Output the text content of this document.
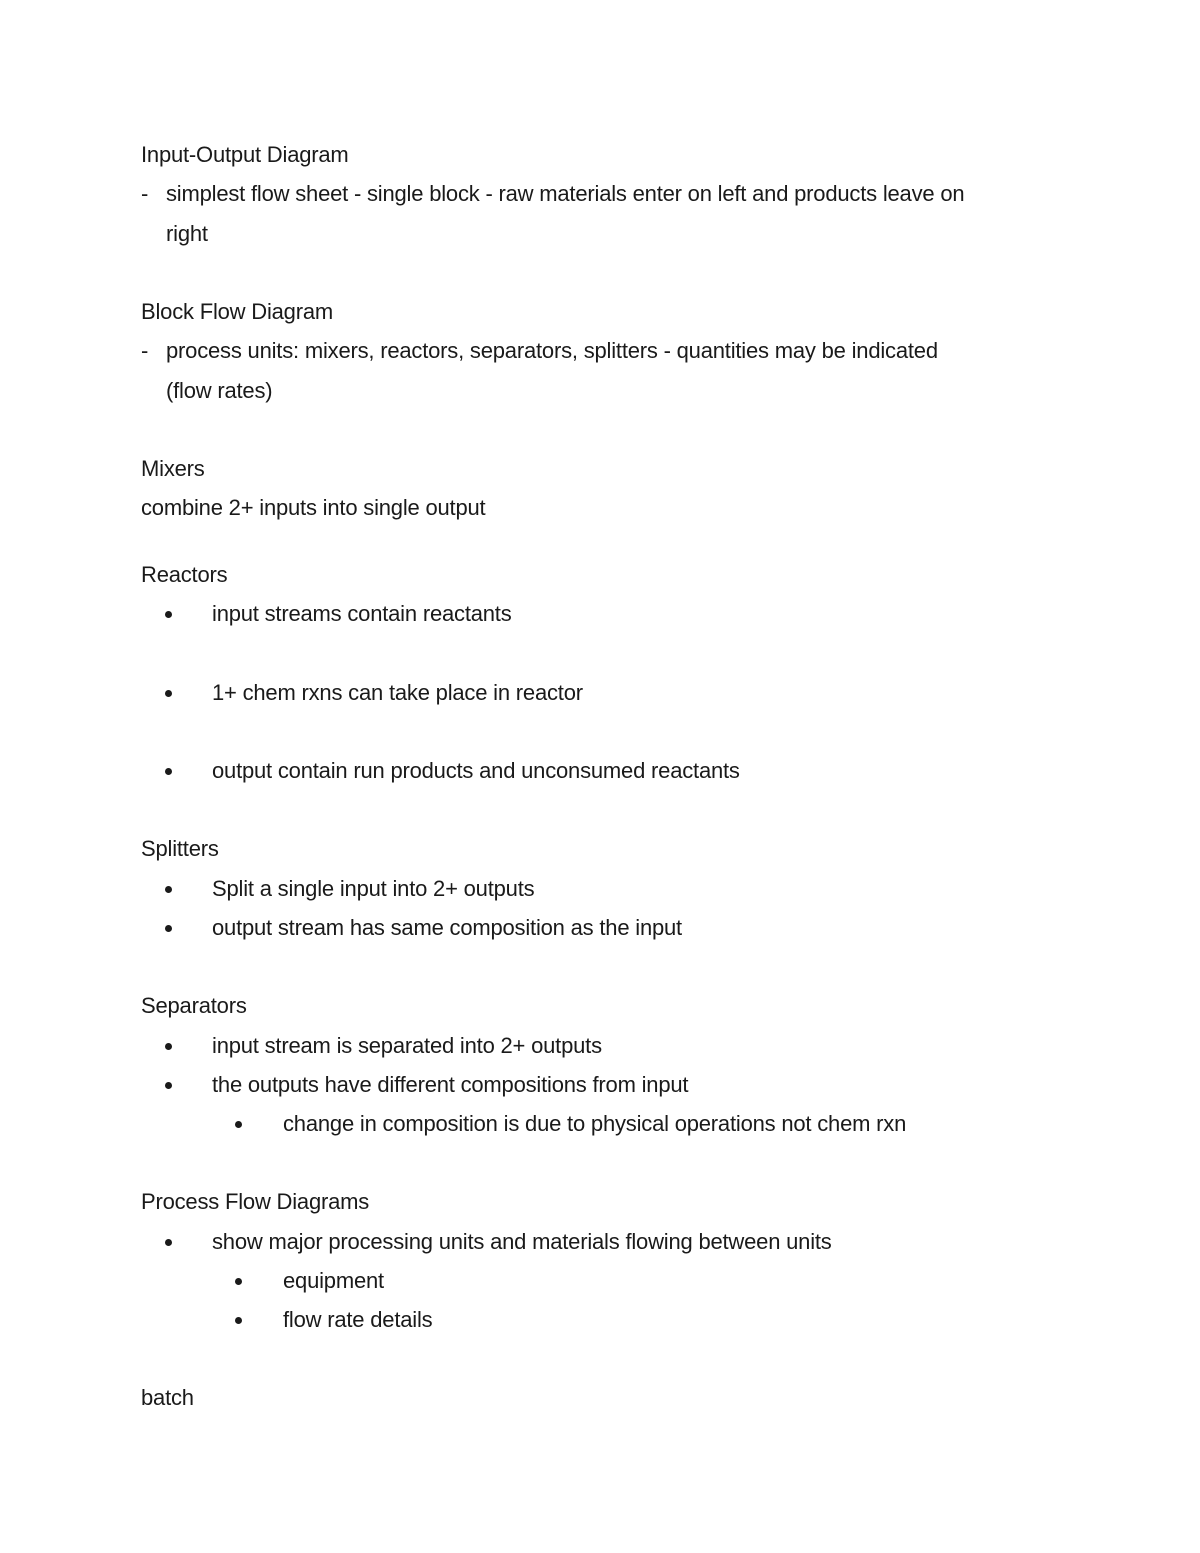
Input-Output Diagram
- simplest flow sheet - single block - raw materials enter on left and products leave on
right
Block Flow Diagram
- process units: mixers, reactors, separators, splitters - quantities may be indicated
(flow rates)
Mixers
combine 2+ inputs into single output
Reactors
input streams contain reactants
1+ chem rxns can take place in reactor
output contain run products and unconsumed reactants
Splitters
Split a single input into 2+ outputs
output stream has same composition as the input
Separators
input stream is separated into 2+ outputs
the outputs have different compositions from input
change in composition is due to physical operations not chem rxn
Process Flow Diagrams
show major processing units and materials flowing between units
equipment
flow rate details
batch
